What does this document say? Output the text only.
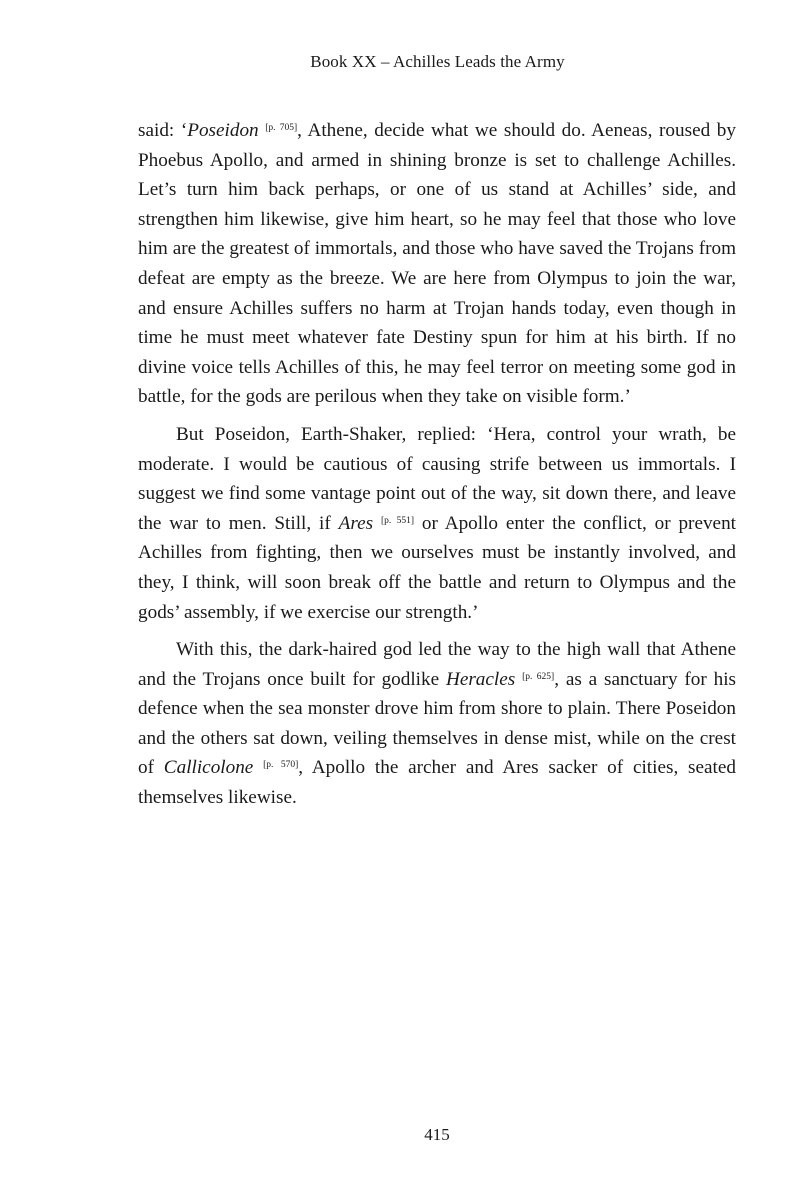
Book XX – Achilles Leads the Army

said: ‘Poseidon [p. 705], Athene, decide what we should do. Aeneas, roused by Phoebus Apollo, and armed in shining bronze is set to challenge Achilles. Let’s turn him back perhaps, or one of us stand at Achilles’ side, and strengthen him likewise, give him heart, so he may feel that those who love him are the greatest of immortals, and those who have saved the Trojans from defeat are empty as the breeze. We are here from Olympus to join the war, and ensure Achilles suffers no harm at Trojan hands today, even though in time he must meet whatever fate Destiny spun for him at his birth. If no divine voice tells Achilles of this, he may feel terror on meeting some god in battle, for the gods are perilous when they take on visible form.’

But Poseidon, Earth-Shaker, replied: ‘Hera, control your wrath, be moderate. I would be cautious of causing strife between us immortals. I suggest we find some vantage point out of the way, sit down there, and leave the war to men. Still, if Ares [p. 551] or Apollo enter the conflict, or prevent Achilles from fighting, then we ourselves must be instantly involved, and they, I think, will soon break off the battle and return to Olympus and the gods’ assembly, if we exercise our strength.’

With this, the dark-haired god led the way to the high wall that Athene and the Trojans once built for godlike Heracles [p. 625], as a sanctuary for his defence when the sea monster drove him from shore to plain. There Poseidon and the others sat down, veiling themselves in dense mist, while on the crest of Callicolone [p. 570], Apollo the archer and Ares sacker of cities, seated themselves likewise.

415
